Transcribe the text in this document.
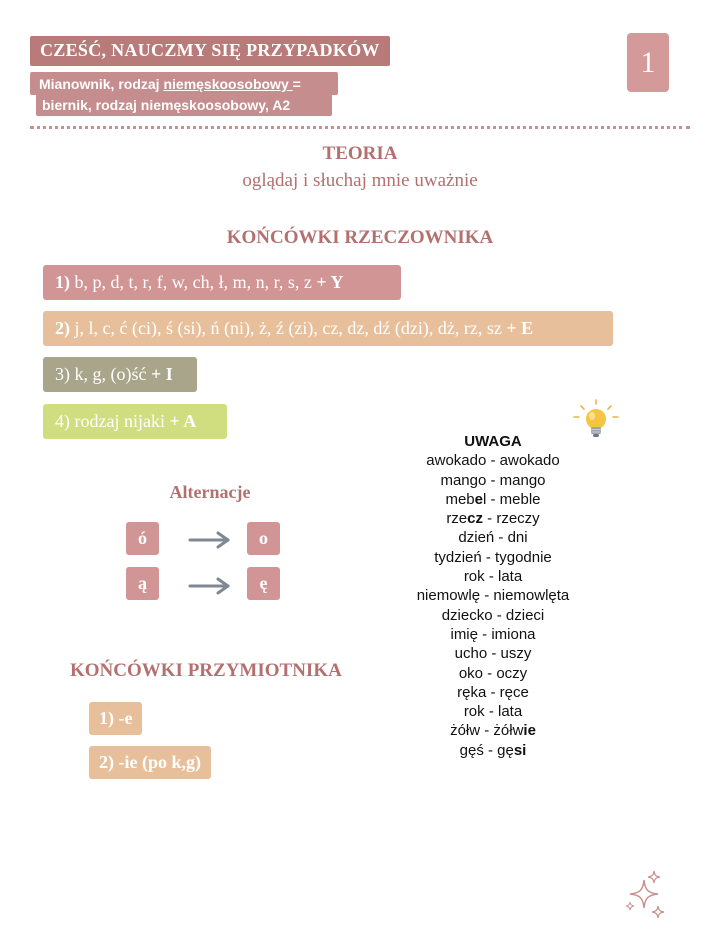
CZEŚĆ, NAUCZMY SIĘ PRZYPADKÓW
Mianownik, rodzaj niemęskoosobowy =
biernik, rodzaj niemęskoosobowy, A2
1
TEORIA
oglądaj i słuchaj mnie uważnie
KOŃCÓWKI RZECZOWNIKA
1) b, p, d, t, r, f, w, ch, ł, m, n, r, s, z + Y
2) j, l, c, ć (ci), ś (si), ń (ni), ż, ź (zi), cz, dz, dź (dzi), dż, rz, sz + E
3) k, g, (o)ść + I
4) rodzaj nijaki + A
UWAGA
awokado - awokado
mango - mango
mebel - meble
rzecz - rzeczy
dzień - dni
tydzień - tygodnie
rok - lata
niemowlę - niemowlęta
dziecko - dzieci
imię - imiona
ucho - uszy
oko - oczy
ręka - ręce
rok - lata
żółw - żółwie
gęś - gęsi
Alternacje
ó	o
ą	ę
KOŃCÓWKI PRZYMIOTNIKA
1) -e
2) -ie (po k,g)
